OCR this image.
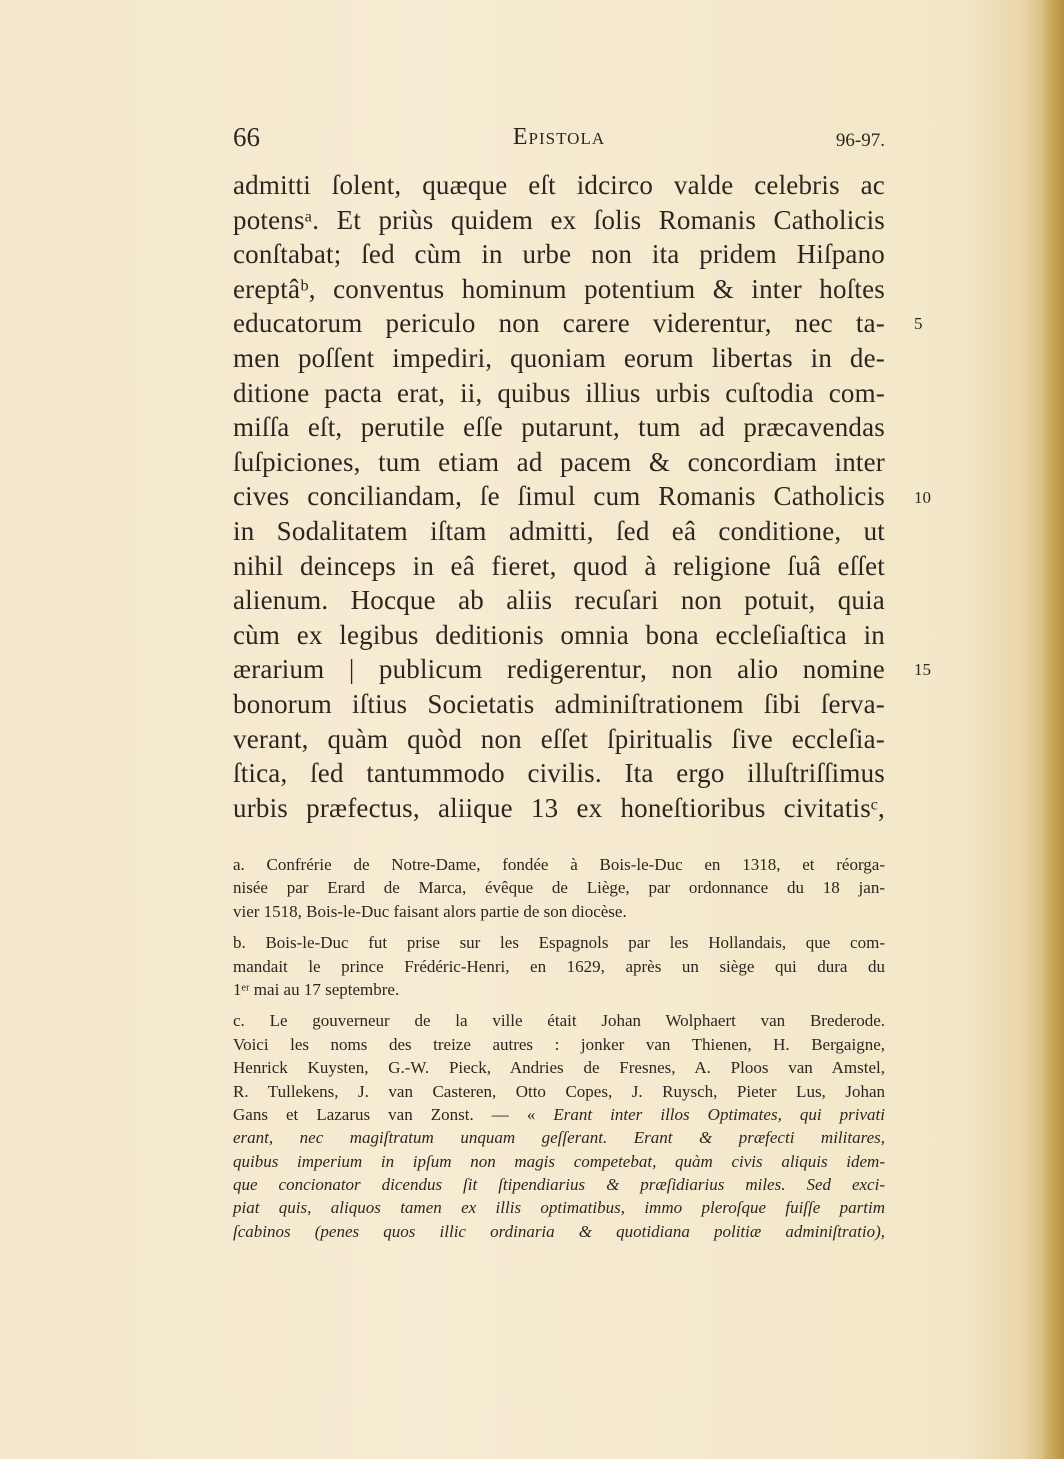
66	Epistola	96-97.
admitti ſolent, quæque eſt idcirco valde celebris ac
potensᵃ. Et priùs quidem ex ſolis Romanis Catholicis
conſtabat; ſed cùm in urbe non ita pridem Hiſpano
ereptâᵇ, conventus hominum potentium & inter hoſtes
educatorum periculo non carere viderentur, nec ta-
men poſſent impediri, quoniam eorum libertas in de-
ditione pacta erat, ii, quibus illius urbis cuſtodia com-
miſſa eſt, perutile eſſe putarunt, tum ad præcavendas
ſuſpiciones, tum etiam ad pacem & concordiam inter
cives conciliandam, ſe ſimul cum Romanis Catholicis
in Sodalitatem iſtam admitti, ſed eâ conditione, ut
nihil deinceps in eâ fieret, quod à religione ſuâ eſſet
alienum. Hocque ab aliis recuſari non potuit, quia
cùm ex legibus deditionis omnia bona eccleſiaſtica in
ærarium | publicum redigerentur, non alio nomine
bonorum iſtius Societatis adminiſtrationem ſibi ſerva-
verant, quàm quòd non eſſet ſpiritualis ſive eccleſia-
ſtica, ſed tantummodo civilis. Ita ergo illuſtriſſimus
urbis præfectus, aliique 13 ex honeſtioribus civitatisᶜ,
5
10
15
a. Confrérie de Notre-Dame, fondée à Bois-le-Duc en 1318, et réorga-
nisée par Erard de Marca, évêque de Liège, par ordonnance du 18 jan-
vier 1518, Bois-le-Duc faisant alors partie de son diocèse.
b. Bois-le-Duc fut prise sur les Espagnols par les Hollandais, que com-
mandait le prince Frédéric-Henri, en 1629, après un siège qui dura du
1ᵉʳ mai au 17 septembre.
c. Le gouverneur de la ville était Johan Wolphaert van Brederode.
Voici les noms des treize autres : jonker van Thienen, H. Bergaigne,
Henrick Kuysten, G.-W. Pieck, Andries de Fresnes, A. Ploos van Amstel,
R. Tullekens, J. van Casteren, Otto Copes, J. Ruysch, Pieter Lus, Johan
Gans et Lazarus van Zonst. — « Erant inter illos Optimates, qui privati
erant, nec magiſtratum unquam geſſerant. Erant & præfecti militares,
quibus imperium in ipſum non magis competebat, quàm civis aliquis idem-
que concionator dicendus ſit ſtipendiarius & præſidiarius miles. Sed exci-
piat quis, aliquos tamen ex illis optimatibus, immo pleroſque fuiſſe partim
ſcabinos (penes quos illic ordinaria & quotidiana politiæ adminiſtratio),
